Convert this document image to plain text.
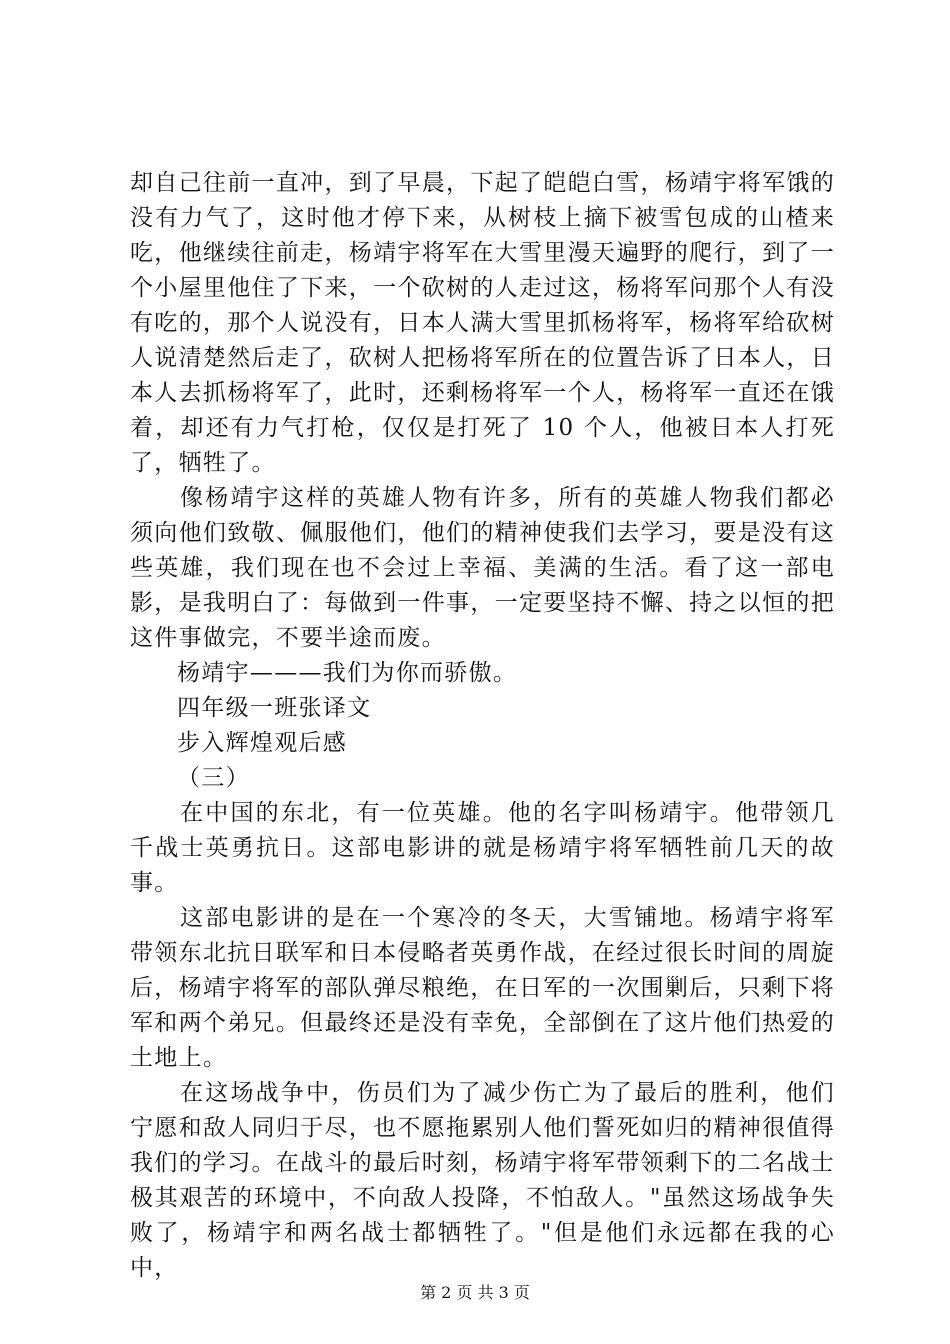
却自己往前一直冲，到了早晨，下起了皑皑白雪，杨靖宇将军饿的没有力气了，这时他才停下来，从树枝上摘下被雪包成的山楂来吃，他继续往前走，杨靖宇将军在大雪里漫天遍野的爬行，到了一个小屋里他住了下来，一个砍树的人走过这，杨将军问那个人有没有吃的，那个人说没有，日本人满大雪里抓杨将军，杨将军给砍树人说清楚然后走了，砍树人把杨将军所在的位置告诉了日本人，日本人去抓杨将军了，此时，还剩杨将军一个人，杨将军一直还在饿着，却还有力气打枪，仅仅是打死了 10 个人，他被日本人打死了，牺牲了。

像杨靖宇这样的英雄人物有许多，所有的英雄人物我们都必须向他们致敬、佩服他们，他们的精神使我们去学习，要是没有这些英雄，我们现在也不会过上幸福、美满的生活。看了这一部电影，是我明白了：每做到一件事，一定要坚持不懈、持之以恒的把这件事做完，不要半途而废。

杨靖宇———我们为你而骄傲。

四年级一班张译文

步入辉煌观后感

（三）

在中国的东北，有一位英雄。他的名字叫杨靖宇。他带领几千战士英勇抗日。这部电影讲的就是杨靖宇将军牺牲前几天的故事。

这部电影讲的是在一个寒冷的冬天，大雪铺地。杨靖宇将军带领东北抗日联军和日本侵略者英勇作战，在经过很长时间的周旋后，杨靖宇将军的部队弹尽粮绝，在日军的一次围剿后，只剩下将军和两个弟兄。但最终还是没有幸免，全部倒在了这片他们热爱的土地上。

在这场战争中，伤员们为了减少伤亡为了最后的胜利，他们宁愿和敌人同归于尽，也不愿拖累别人他们誓死如归的精神很值得我们的学习。在战斗的最后时刻，杨靖宇将军带领剩下的二名战士极其艰苦的环境中，不向敌人投降，不怕敌人。"虽然这场战争失败了，杨靖宇和两名战士都牺牲了。"但是他们永远都在我的心中，

第 2 页 共 3 页
